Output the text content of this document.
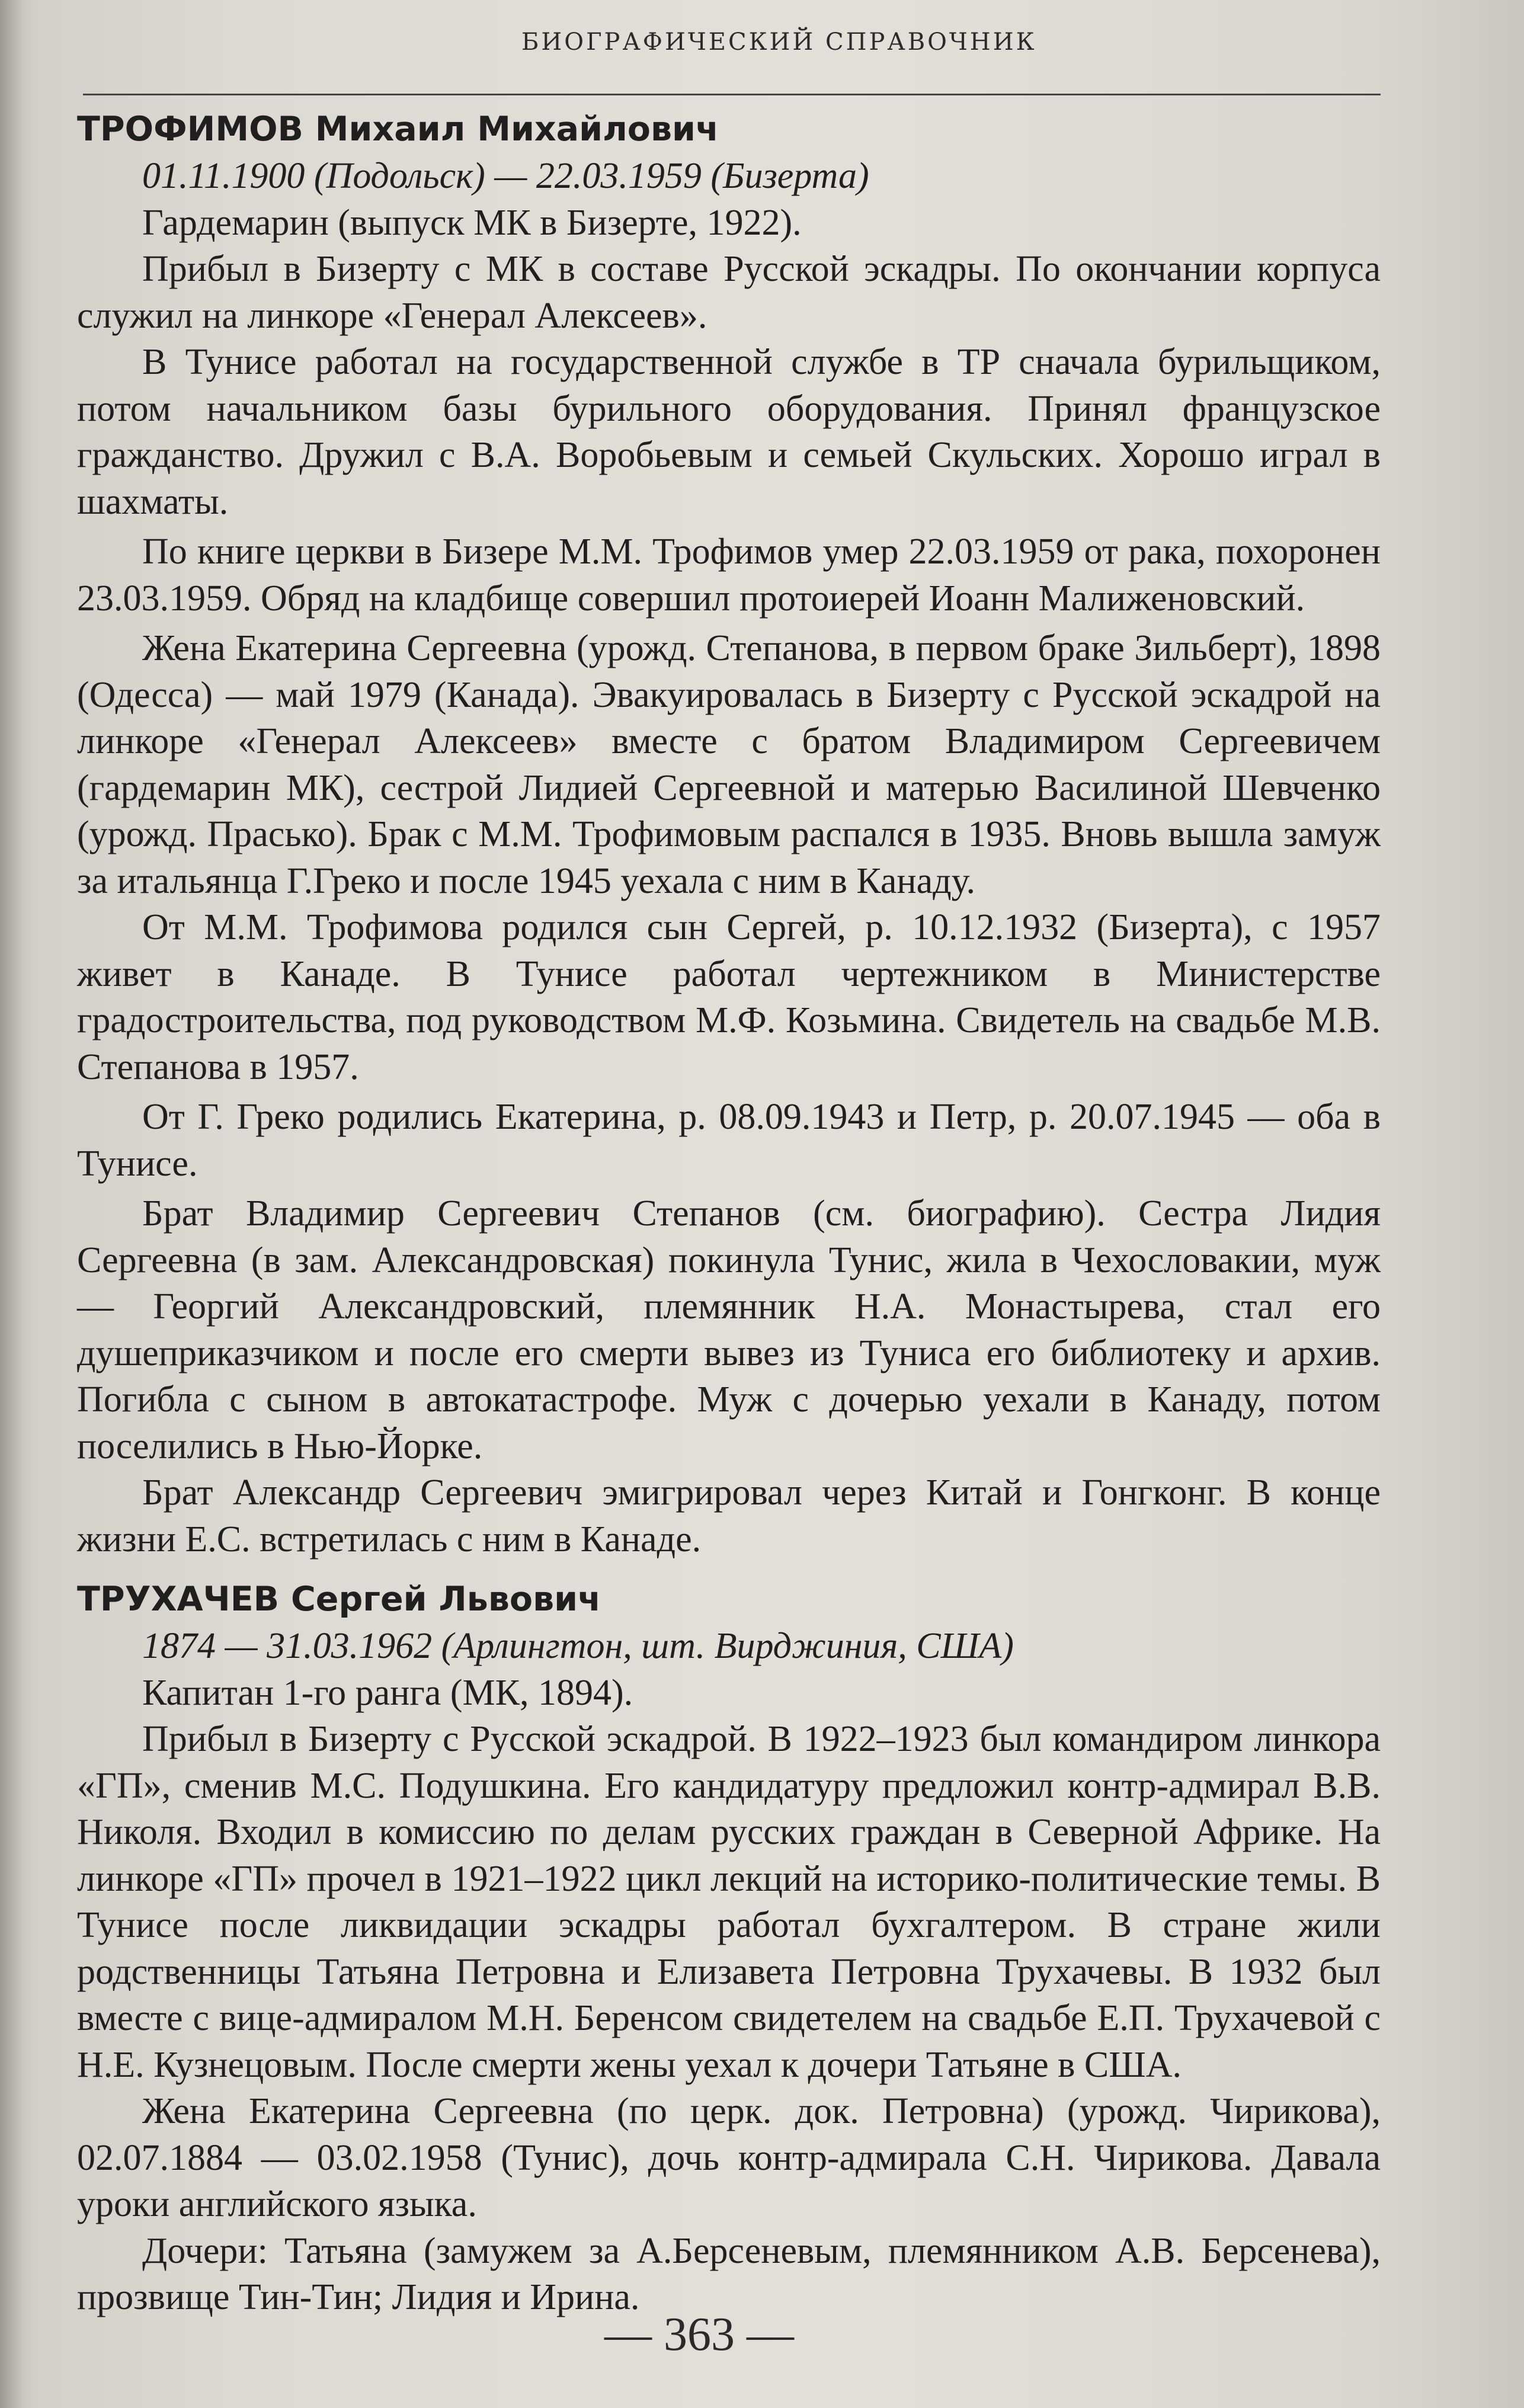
БИОГРАФИЧЕСКИЙ СПРАВОЧНИК
ТРОФИМОВ Михаил Михайлович

01.11.1900 (Подольск) — 22.03.1959 (Бизерта)

Гардемарин (выпуск МК в Бизерте, 1922).

Прибыл в Бизерту с МК в составе Русской эскадры. По окончании корпуса служил на линкоре «Генерал Алексеев».

В Тунисе работал на государственной службе в ТР сначала бурильщиком, потом начальником базы бурильного оборудования. Принял французское гражданство. Дружил с В.А. Воробьевым и семьей Скульских. Хорошо играл в шахматы.

По книге церкви в Бизере М.М. Трофимов умер 22.03.1959 от рака, похоронен 23.03.1959. Обряд на кладбище совершил протоиерей Иоанн Малиженовский.

Жена Екатерина Сергеевна (урожд. Степанова, в первом браке Зильберт), 1898 (Одесса) — май 1979 (Канада). Эвакуировалась в Бизерту с Русской эскадрой на линкоре «Генерал Алексеев» вместе с братом Владимиром Сергеевичем (гардемарин МК), сестрой Лидией Сергеевной и матерью Василиной Шевченко (урожд. Прасько). Брак с М.М. Трофимовым распался в 1935. Вновь вышла замуж за итальянца Г.Греко и после 1945 уехала с ним в Канаду.

От М.М. Трофимова родился сын Сергей, р. 10.12.1932 (Бизерта), с 1957 живет в Канаде. В Тунисе работал чертежником в Министерстве градостроительства, под руководством М.Ф. Козьмина. Свидетель на свадьбе М.В. Степанова в 1957.

От Г. Греко родились Екатерина, р. 08.09.1943 и Петр, р. 20.07.1945 — оба в Тунисе.

Брат Владимир Сергеевич Степанов (см. биографию). Сестра Лидия Сергеевна (в зам. Александровская) покинула Тунис, жила в Чехословакии, муж — Георгий Александровский, племянник Н.А. Монастырева, стал его душеприказчиком и после его смерти вывез из Туниса его библиотеку и архив. Погибла с сыном в автокатастрофе. Муж с дочерью уехали в Канаду, потом поселились в Нью-Йорке.

Брат Александр Сергеевич эмигрировал через Китай и Гонгконг. В конце жизни Е.С. встретилась с ним в Канаде.

ТРУХАЧЕВ Сергей Львович

1874 — 31.03.1962 (Арлингтон, шт. Вирджиния, США)

Капитан 1-го ранга (МК, 1894).

Прибыл в Бизерту с Русской эскадрой. В 1922–1923 был командиром линкора «ГП», сменив М.С. Подушкина. Его кандидатуру предложил контр-адмирал В.В. Николя. Входил в комиссию по делам русских граждан в Северной Африке. На линкоре «ГП» прочел в 1921–1922 цикл лекций на историко-политические темы. В Тунисе после ликвидации эскадры работал бухгалтером. В стране жили родственницы Татьяна Петровна и Елизавета Петровна Трухачевы. В 1932 был вместе с вице-адмиралом М.Н. Беренсом свидетелем на свадьбе Е.П. Трухачевой с Н.Е. Кузнецовым. После смерти жены уехал к дочери Татьяне в США.

Жена Екатерина Сергеевна (по церк. док. Петровна) (урожд. Чирикова), 02.07.1884 — 03.02.1958 (Тунис), дочь контр-адмирала С.Н. Чирикова. Давала уроки английского языка.

Дочери: Татьяна (замужем за А.Берсеневым, племянником А.В. Берсенева), прозвище Тин-Тин; Лидия и Ирина.

— 363 —
